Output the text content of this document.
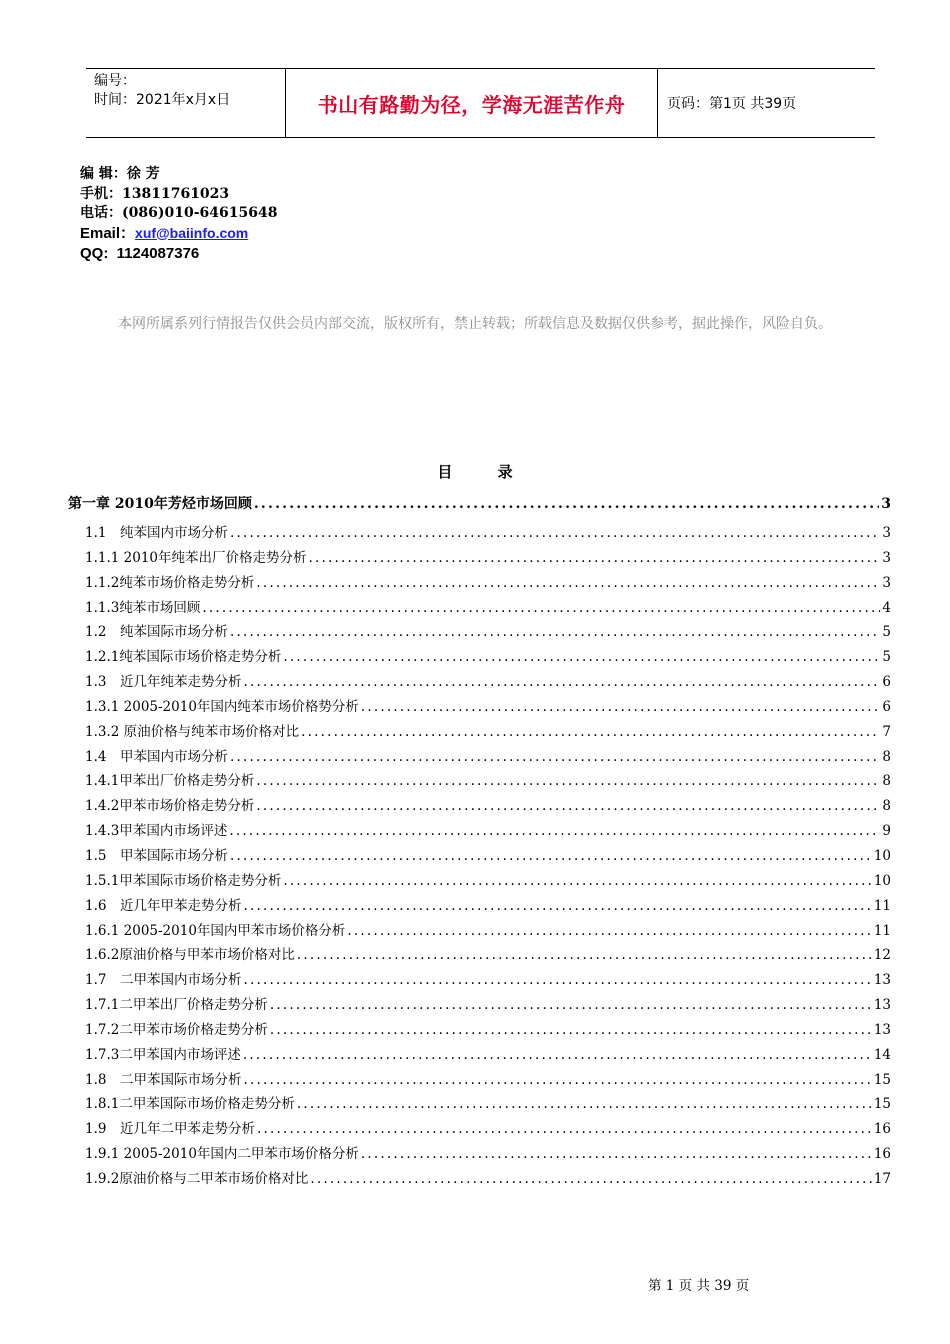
编号：
时间：2021年x月x日	书山有路勤为径，学海无涯苦作舟	页码：第1页 共39页
编 辑：徐 芳
手机：13811761023
电话：(086)010-64615648
Email：xuf@baiinfo.com
QQ:  1124087376
本网所属系列行情报告仅供会员内部交流，版权所有，禁止转载；所载信息及数据仅供参考，据此操作，风险自负。
目 录
第一章 2010年芳烃市场回顾 .....	3
1.1　纯苯国内市场分析 .....	3
1.1.1 2010年纯苯出厂价格走势分析 .....	3
1.1.2纯苯市场价格走势分析 .....	3
1.1.3纯苯市场回顾 .....	4
1.2　纯苯国际市场分析 .....	5
1.2.1纯苯国际市场价格走势分析 .....	5
1.3　近几年纯苯走势分析 .....	6
1.3.1 2005-2010年国内纯苯市场价格势分析 .....	6
1.3.2 原油价格与纯苯市场价格对比 .....	7
1.4　甲苯国内市场分析 .....	8
1.4.1甲苯出厂价格走势分析 .....	8
1.4.2甲苯市场价格走势分析 .....	8
1.4.3甲苯国内市场评述 .....	9
1.5　甲苯国际市场分析 .....	10
1.5.1甲苯国际市场价格走势分析 .....	10
1.6　近几年甲苯走势分析 .....	11
1.6.1 2005-2010年国内甲苯市场价格分析 .....	11
1.6.2原油价格与甲苯市场价格对比 .....	12
1.7　二甲苯国内市场分析 .....	13
1.7.1二甲苯出厂价格走势分析 .....	13
1.7.2二甲苯市场价格走势分析 .....	13
1.7.3二甲苯国内市场评述 .....	14
1.8　二甲苯国际市场分析 .....	15
1.8.1二甲苯国际市场价格走势分析 .....	15
1.9　近几年二甲苯走势分析 .....	16
1.9.1 2005-2010年国内二甲苯市场价格分析 .....	16
1.9.2原油价格与二甲苯市场价格对比 .....	17
第 1 页 共 39 页
